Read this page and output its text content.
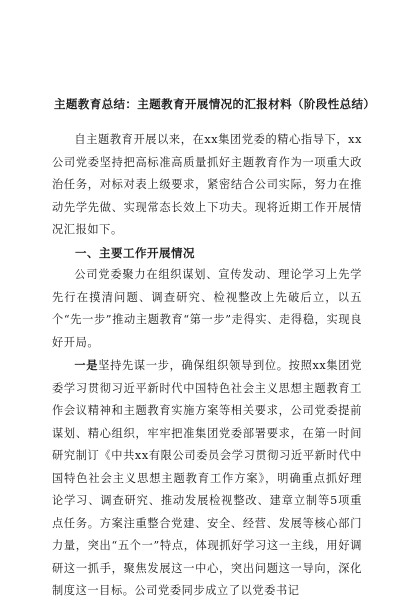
主题教育总结：主题教育开展情况的汇报材料（阶段性总结）

自主题教育开展以来，在xx集团党委的精心指导下，xx公司党委坚持把高标准高质量抓好主题教育作为一项重大政治任务，对标对表上级要求，紧密结合公司实际，努力在推动先学先做、实现常态长效上下功夫。现将近期工作开展情况汇报如下。

一、主要工作开展情况

公司党委聚力在组织谋划、宣传发动、理论学习上先学先行在摸清问题、调查研究、检视整改上先破后立，以五个“先一步”推动主题教育“第一步”走得实、走得稳，实现良好开局。

一是坚持先谋一步，确保组织领导到位。按照xx集团党委学习贯彻习近平新时代中国特色社会主义思想主题教育工作会议精神和主题教育实施方案等相关要求，公司党委提前谋划、精心组织，牢牢把准集团党委部署要求，在第一时间研究制订《中共xx有限公司委员会学习贯彻习近平新时代中国特色社会主义思想主题教育工作方案》，明确重点抓好理论学习、调查研究、推动发展检视整改、建章立制等5项重点任务。方案注重整合党建、安全、经营、发展等核心部门力量，突出“五个一”特点，体现抓好学习这一主线，用好调研这一抓手，聚焦发展这一中心，突出问题这一导向，深化制度这一目标。公司党委同步成立了以党委书记
